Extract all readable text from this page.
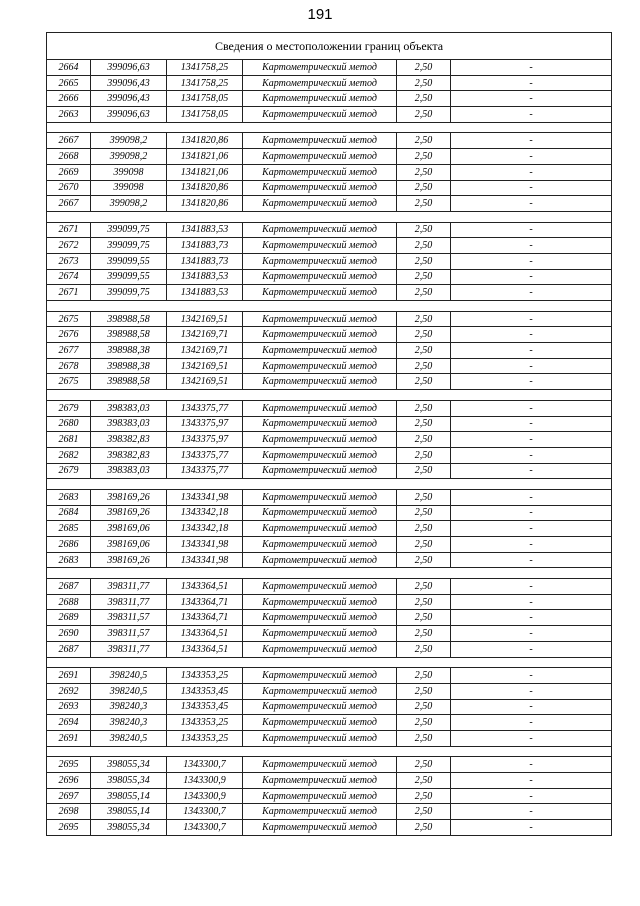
191
Сведения о местоположении границ объекта					
2664	399096,63	1341758,25	Картометрический метод	2,50	-
2665	399096,43	1341758,25	Картометрический метод	2,50	-
2666	399096,43	1341758,05	Картометрический метод	2,50	-
2663	399096,63	1341758,05	Картометрический метод	2,50	-

2667	399098,2	1341820,86	Картометрический метод	2,50	-
2668	399098,2	1341821,06	Картометрический метод	2,50	-
2669	399098	1341821,06	Картометрический метод	2,50	-
2670	399098	1341820,86	Картометрический метод	2,50	-
2667	399098,2	1341820,86	Картометрический метод	2,50	-

2671	399099,75	1341883,53	Картометрический метод	2,50	-
2672	399099,75	1341883,73	Картометрический метод	2,50	-
2673	399099,55	1341883,73	Картометрический метод	2,50	-
2674	399099,55	1341883,53	Картометрический метод	2,50	-
2671	399099,75	1341883,53	Картометрический метод	2,50	-

2675	398988,58	1342169,51	Картометрический метод	2,50	-
2676	398988,58	1342169,71	Картометрический метод	2,50	-
2677	398988,38	1342169,71	Картометрический метод	2,50	-
2678	398988,38	1342169,51	Картометрический метод	2,50	-
2675	398988,58	1342169,51	Картометрический метод	2,50	-

2679	398383,03	1343375,77	Картометрический метод	2,50	-
2680	398383,03	1343375,97	Картометрический метод	2,50	-
2681	398382,83	1343375,97	Картометрический метод	2,50	-
2682	398382,83	1343375,77	Картометрический метод	2,50	-
2679	398383,03	1343375,77	Картометрический метод	2,50	-

2683	398169,26	1343341,98	Картометрический метод	2,50	-
2684	398169,26	1343342,18	Картометрический метод	2,50	-
2685	398169,06	1343342,18	Картометрический метод	2,50	-
2686	398169,06	1343341,98	Картометрический метод	2,50	-
2683	398169,26	1343341,98	Картометрический метод	2,50	-

2687	398311,77	1343364,51	Картометрический метод	2,50	-
2688	398311,77	1343364,71	Картометрический метод	2,50	-
2689	398311,57	1343364,71	Картометрический метод	2,50	-
2690	398311,57	1343364,51	Картометрический метод	2,50	-
2687	398311,77	1343364,51	Картометрический метод	2,50	-

2691	398240,5	1343353,25	Картометрический метод	2,50	-
2692	398240,5	1343353,45	Картометрический метод	2,50	-
2693	398240,3	1343353,45	Картометрический метод	2,50	-
2694	398240,3	1343353,25	Картометрический метод	2,50	-
2691	398240,5	1343353,25	Картометрический метод	2,50	-

2695	398055,34	1343300,7	Картометрический метод	2,50	-
2696	398055,34	1343300,9	Картометрический метод	2,50	-
2697	398055,14	1343300,9	Картометрический метод	2,50	-
2698	398055,14	1343300,7	Картометрический метод	2,50	-
2695	398055,34	1343300,7	Картометрический метод	2,50	-
